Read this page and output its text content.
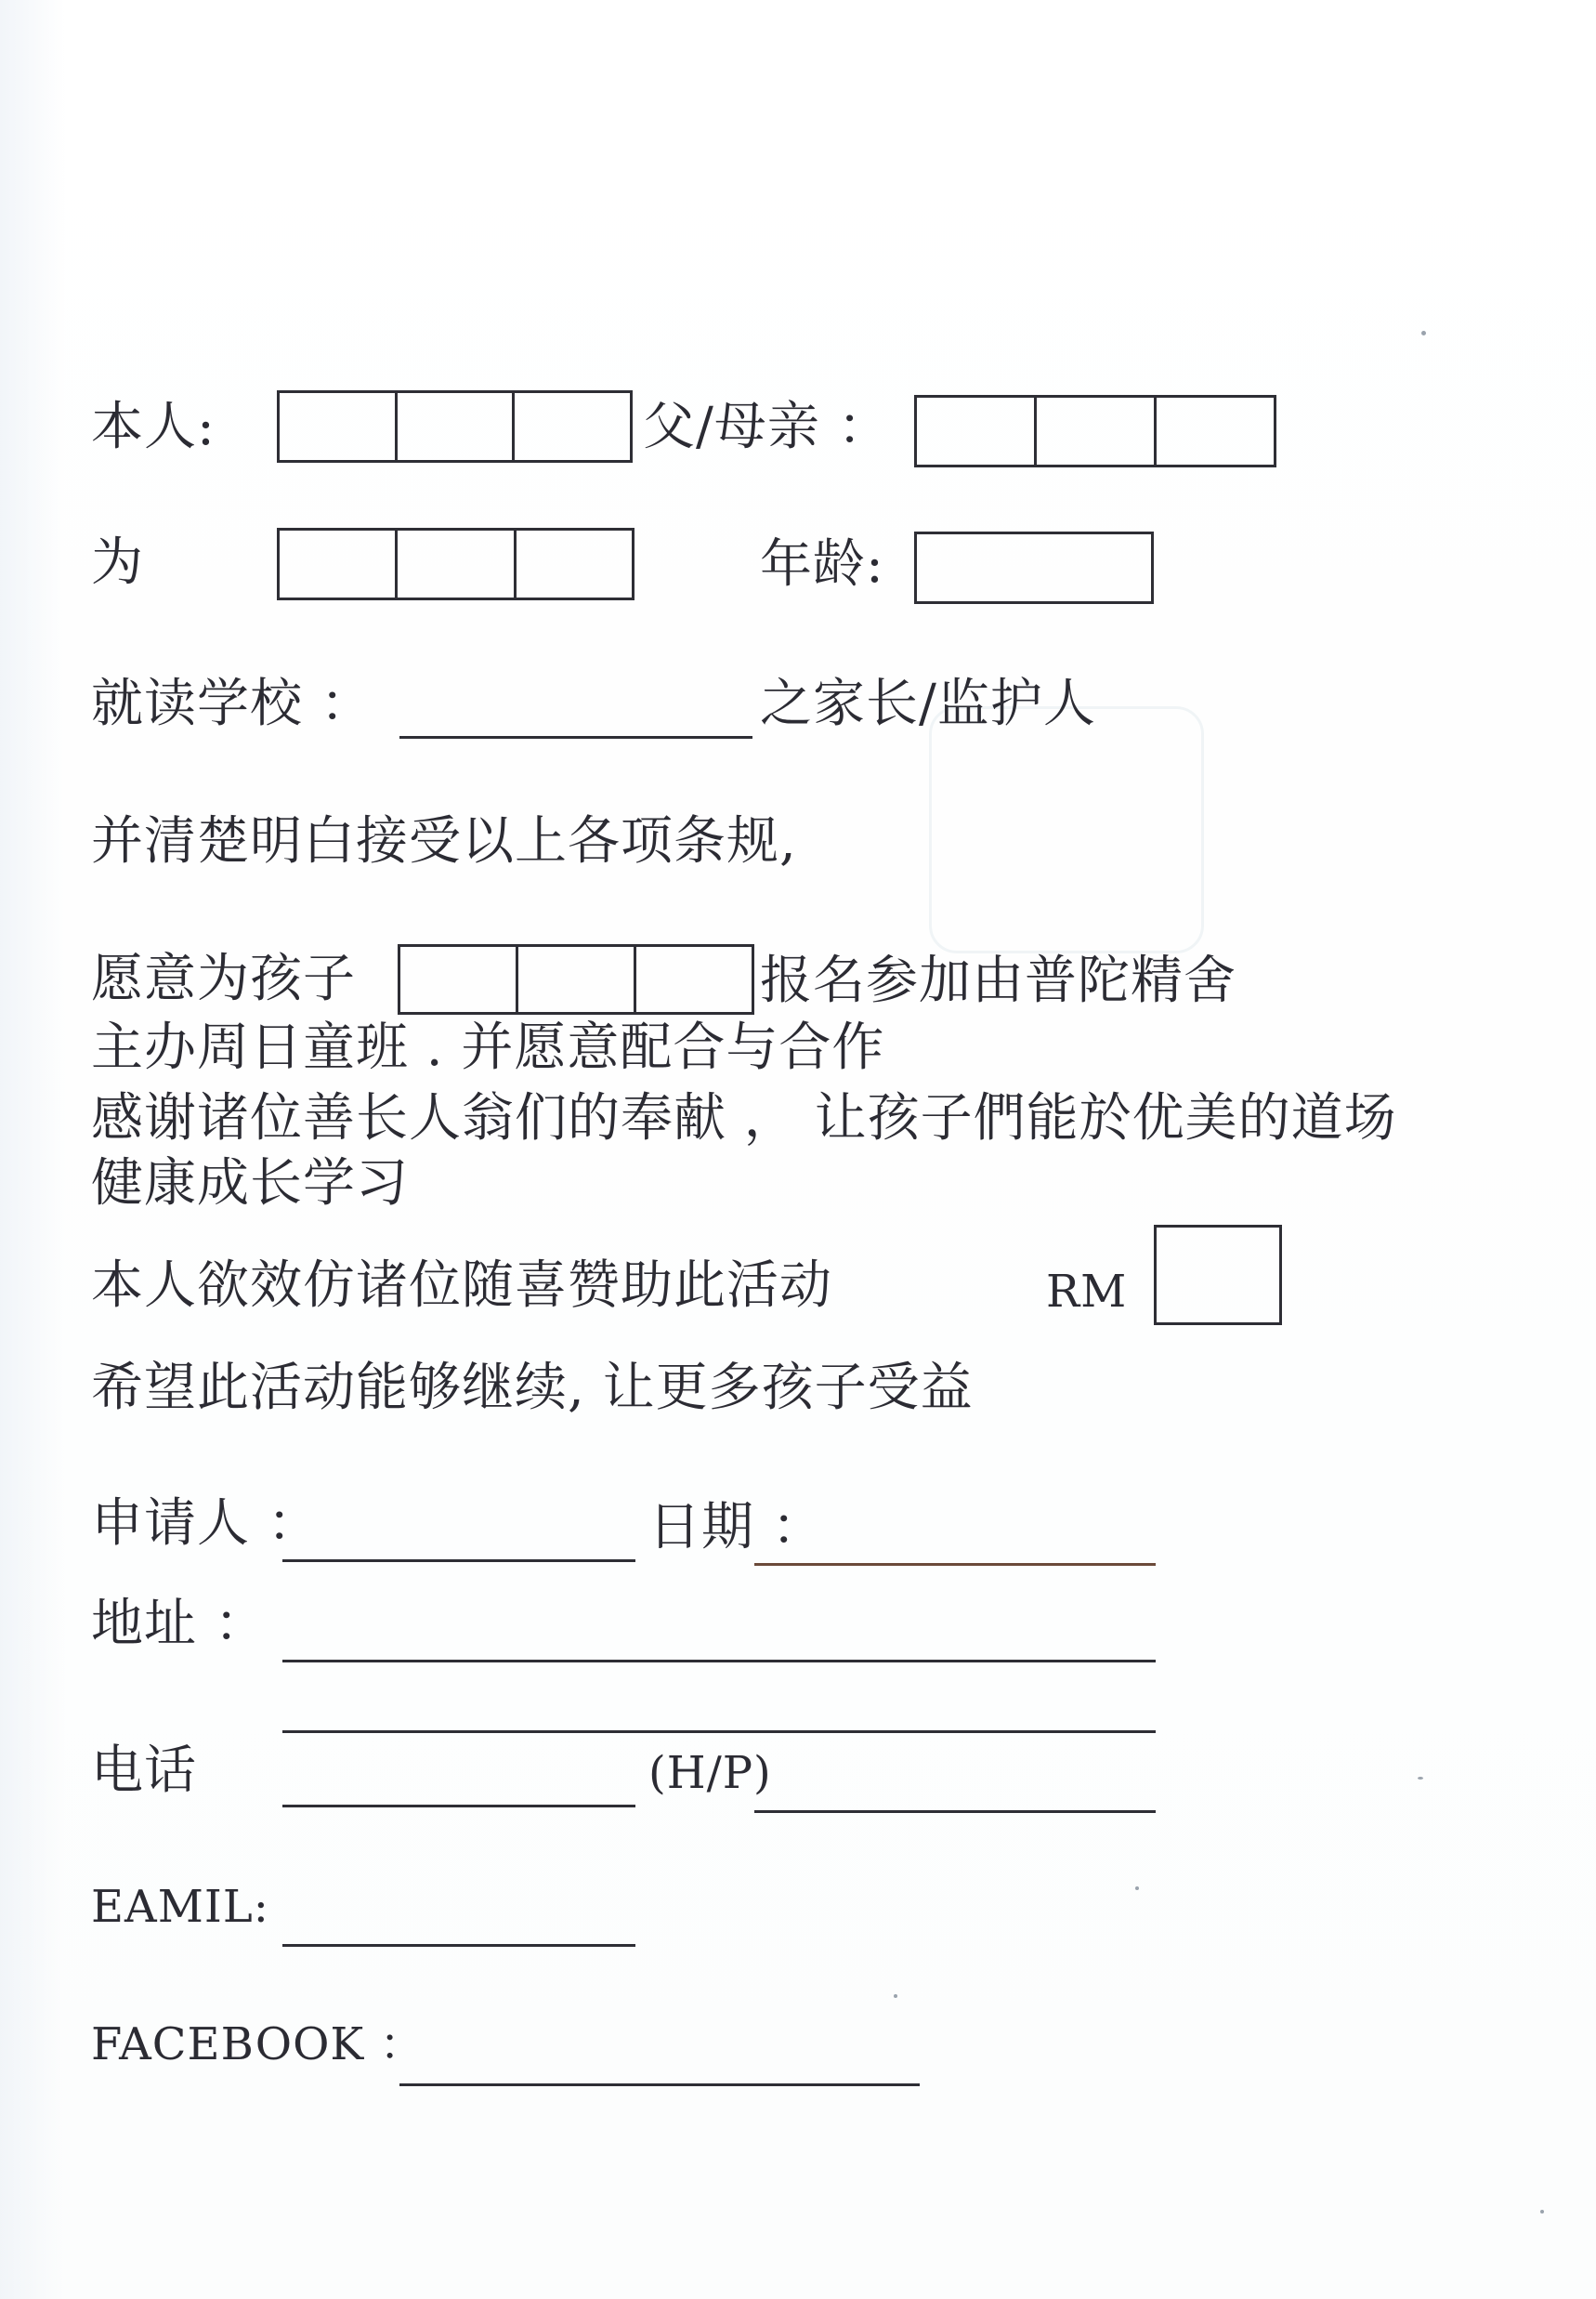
本人:	父/母亲 ：
为	年龄:
就读学校 ：	之家长/监护人
并清楚明白接受以上各项条规,
愿意为孩子	报名参加由普陀精舍
主办周日童班 . 并愿意配合与合作
感谢诸位善长人翁们的奉献 ， 让孩子們能於优美的道场
健康成长学习
本人欲效仿诸位随喜赞助此活动	RM
希望此活动能够继续, 让更多孩子受益
申请人 ：	日期 ：
地址 ：
电话	(H/P)
EAMIL:
FACEBOOK ：
